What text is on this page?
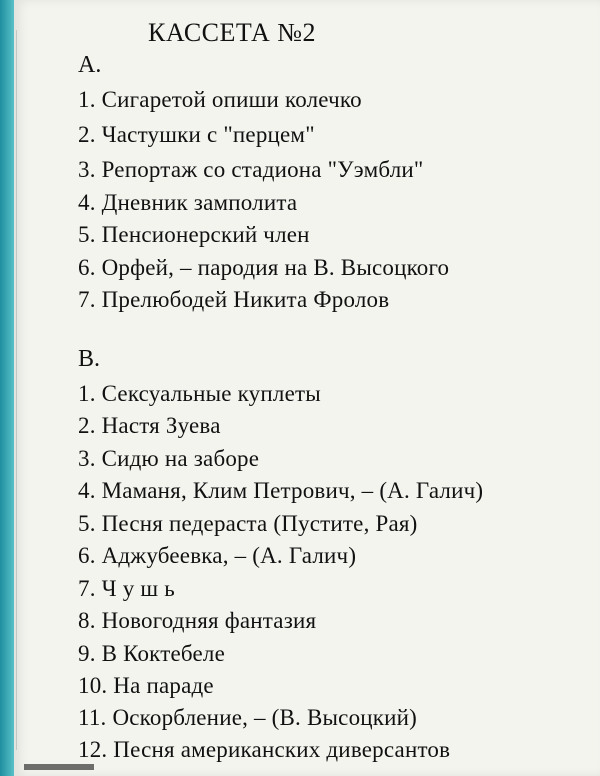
КАССЕТА №2
А.
1. Сигаретой опиши колечко
2. Частушки с "перцем"
3. Репортаж со стадиона "Уэмбли"
4. Дневник замполита
5. Пенсионерский член
6. Орфей, – пародия на В. Высоцкого
7. Прелюбодей Никита Фролов
В.
1. Сексуальные куплеты
2. Настя Зуева
3. Сидю на заборе
4. Маманя, Клим Петрович, – (А. Галич)
5. Песня педераста (Пустите, Рая)
6. Аджубеевка, – (А. Галич)
7. Ч у ш ь
8. Новогодняя фантазия
9. В Коктебеле
10. На параде
11. Оскорбление, – (В. Высоцкий)
12. Песня американских диверсантов
